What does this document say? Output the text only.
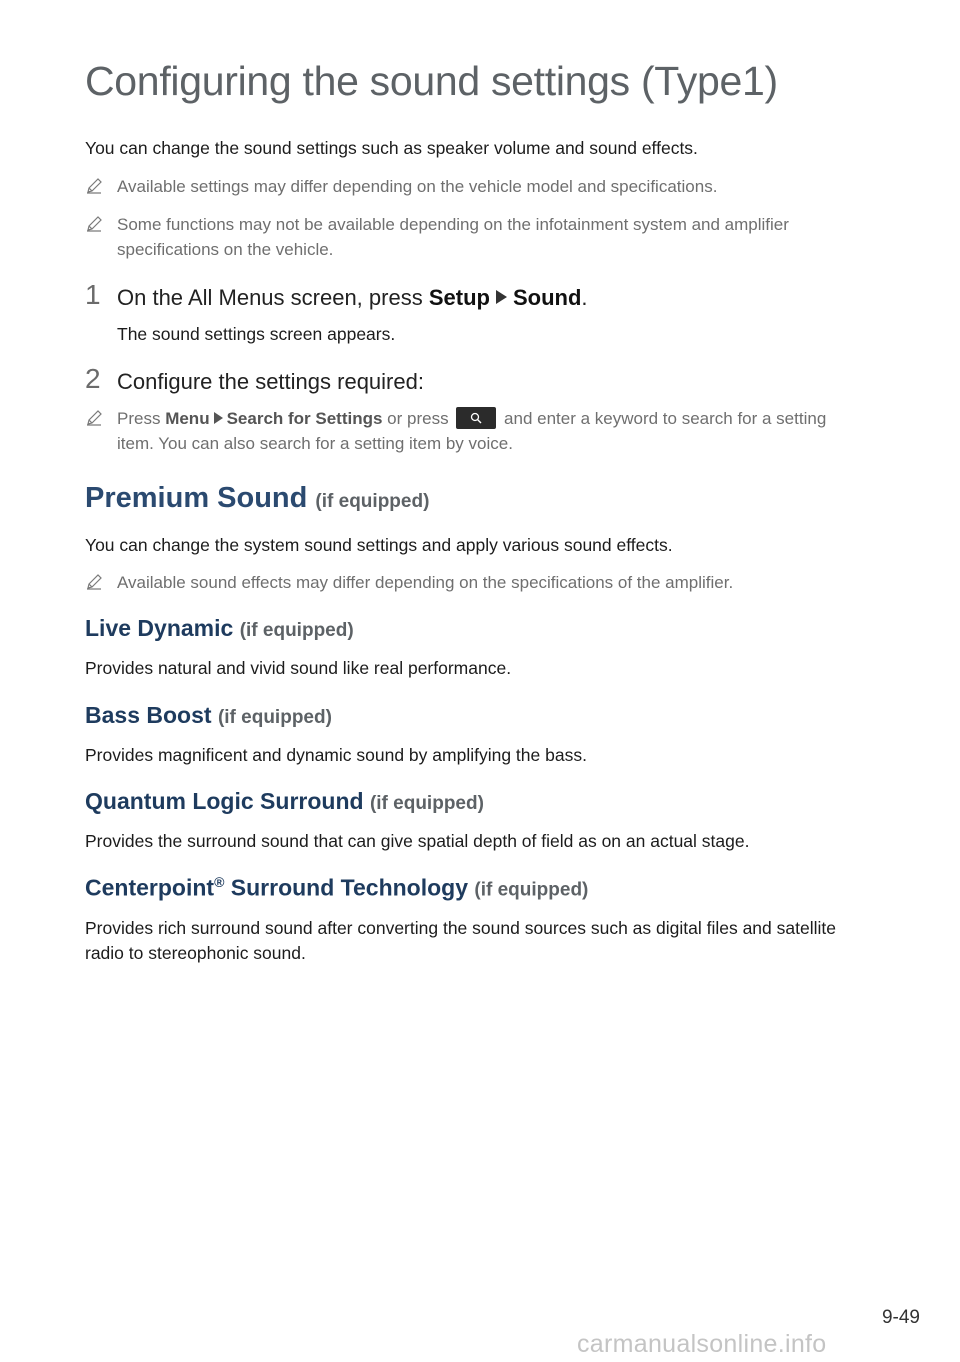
Configuring the sound settings (Type1)

You can change the sound settings such as speaker volume and sound effects.

Available settings may differ depending on the vehicle model and specifications.
Some functions may not be available depending on the infotainment system and amplifier specifications on the vehicle.
1 On the All Menus screen, press Setup Sound.
The sound settings screen appears.
2 Configure the settings required:
Press Menu Search for Settings or press	and enter a keyword to search for a setting item. You can also search for a setting item by voice.
Premium Sound (if equipped)

You can change the system sound settings and apply various sound effects.

Available sound effects may differ depending on the specifications of the amplifier.
Live Dynamic (if equipped)

Provides natural and vivid sound like real performance.

Bass Boost (if equipped)

Provides magnificent and dynamic sound by amplifying the bass.

Quantum Logic Surround (if equipped)

Provides the surround sound that can give spatial depth of field as on an actual stage.

Centerpoint® Surround Technology (if equipped)

Provides rich surround sound after converting the sound sources such as digital files and satellite radio to stereophonic sound.

9-49
carmanualsonline.info
